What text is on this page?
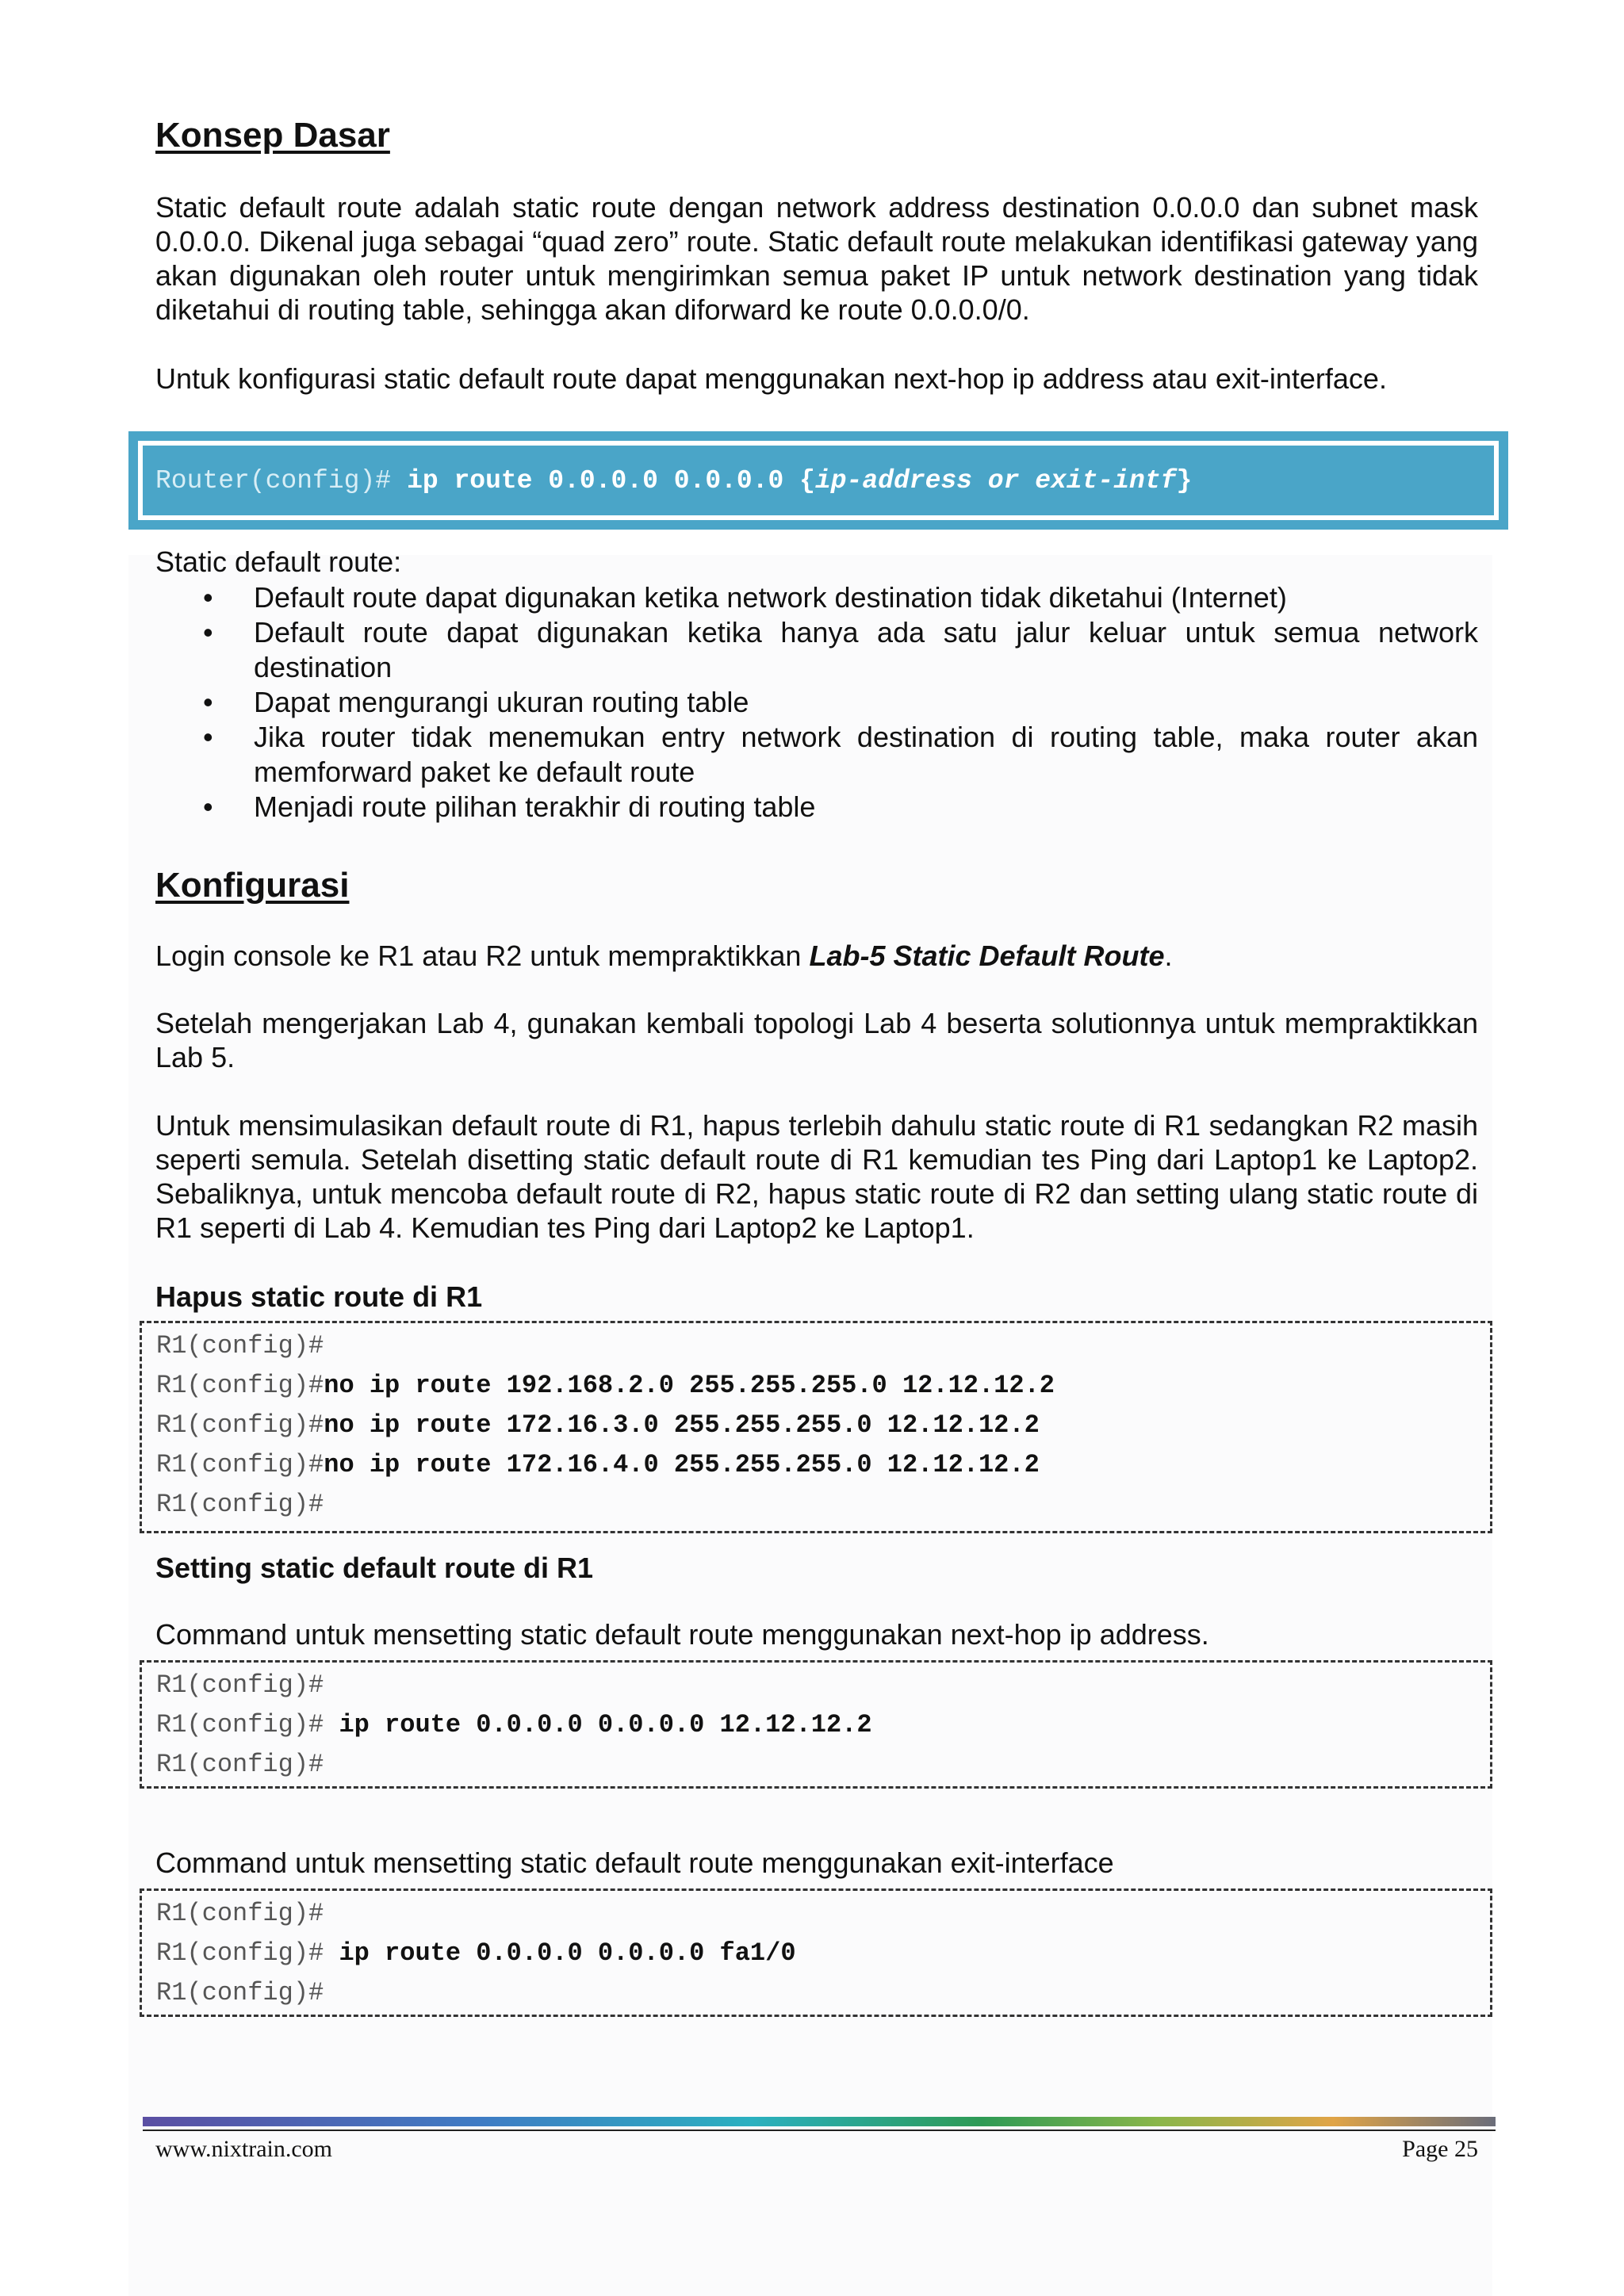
Konsep Dasar

Static default route adalah static route dengan network address destination 0.0.0.0 dan subnet mask 0.0.0.0. Dikenal juga sebagai “quad zero” route. Static default route melakukan identifikasi gateway yang akan digunakan oleh router untuk mengirimkan semua paket IP untuk network destination yang tidak diketahui di routing table, sehingga akan diforward ke route 0.0.0.0/0.

Untuk konfigurasi static default route dapat menggunakan next-hop ip address atau exit-interface.

Router(config)# ip route 0.0.0.0 0.0.0.0 {ip-address or exit-intf}

Static default route:

• Default route dapat digunakan ketika network destination tidak diketahui (Internet)
• Default route dapat digunakan ketika hanya ada satu jalur keluar untuk semua network destination
• Dapat mengurangi ukuran routing table
• Jika router tidak menemukan entry network destination di routing table, maka router akan memforward paket ke default route
• Menjadi route pilihan terakhir di routing table
Konfigurasi

Login console ke R1 atau R2 untuk mempraktikkan Lab-5 Static Default Route.

Setelah mengerjakan Lab 4, gunakan kembali topologi Lab 4 beserta solutionnya untuk mempraktikkan Lab 5.

Untuk mensimulasikan default route di R1, hapus terlebih dahulu static route di R1 sedangkan R2 masih seperti semula. Setelah disetting static default route di R1 kemudian tes Ping dari Laptop1 ke Laptop2. Sebaliknya, untuk mencoba default route di R2, hapus static route di R2 dan setting ulang static route di R1 seperti di Lab 4. Kemudian tes Ping dari Laptop2 ke Laptop1.

Hapus static route di R1

R1(config)#
R1(config)#no ip route 192.168.2.0 255.255.255.0 12.12.12.2
R1(config)#no ip route 172.16.3.0 255.255.255.0 12.12.12.2
R1(config)#no ip route 172.16.4.0 255.255.255.0 12.12.12.2
R1(config)#

Setting static default route di R1

Command untuk mensetting static default route menggunakan next-hop ip address.

R1(config)#
R1(config)# ip route 0.0.0.0 0.0.0.0 12.12.12.2
R1(config)#

Command untuk mensetting static default route menggunakan exit-interface

R1(config)#
R1(config)# ip route 0.0.0.0 0.0.0.0 fa1/0
R1(config)#
www.nixtrain.com	Page 25
